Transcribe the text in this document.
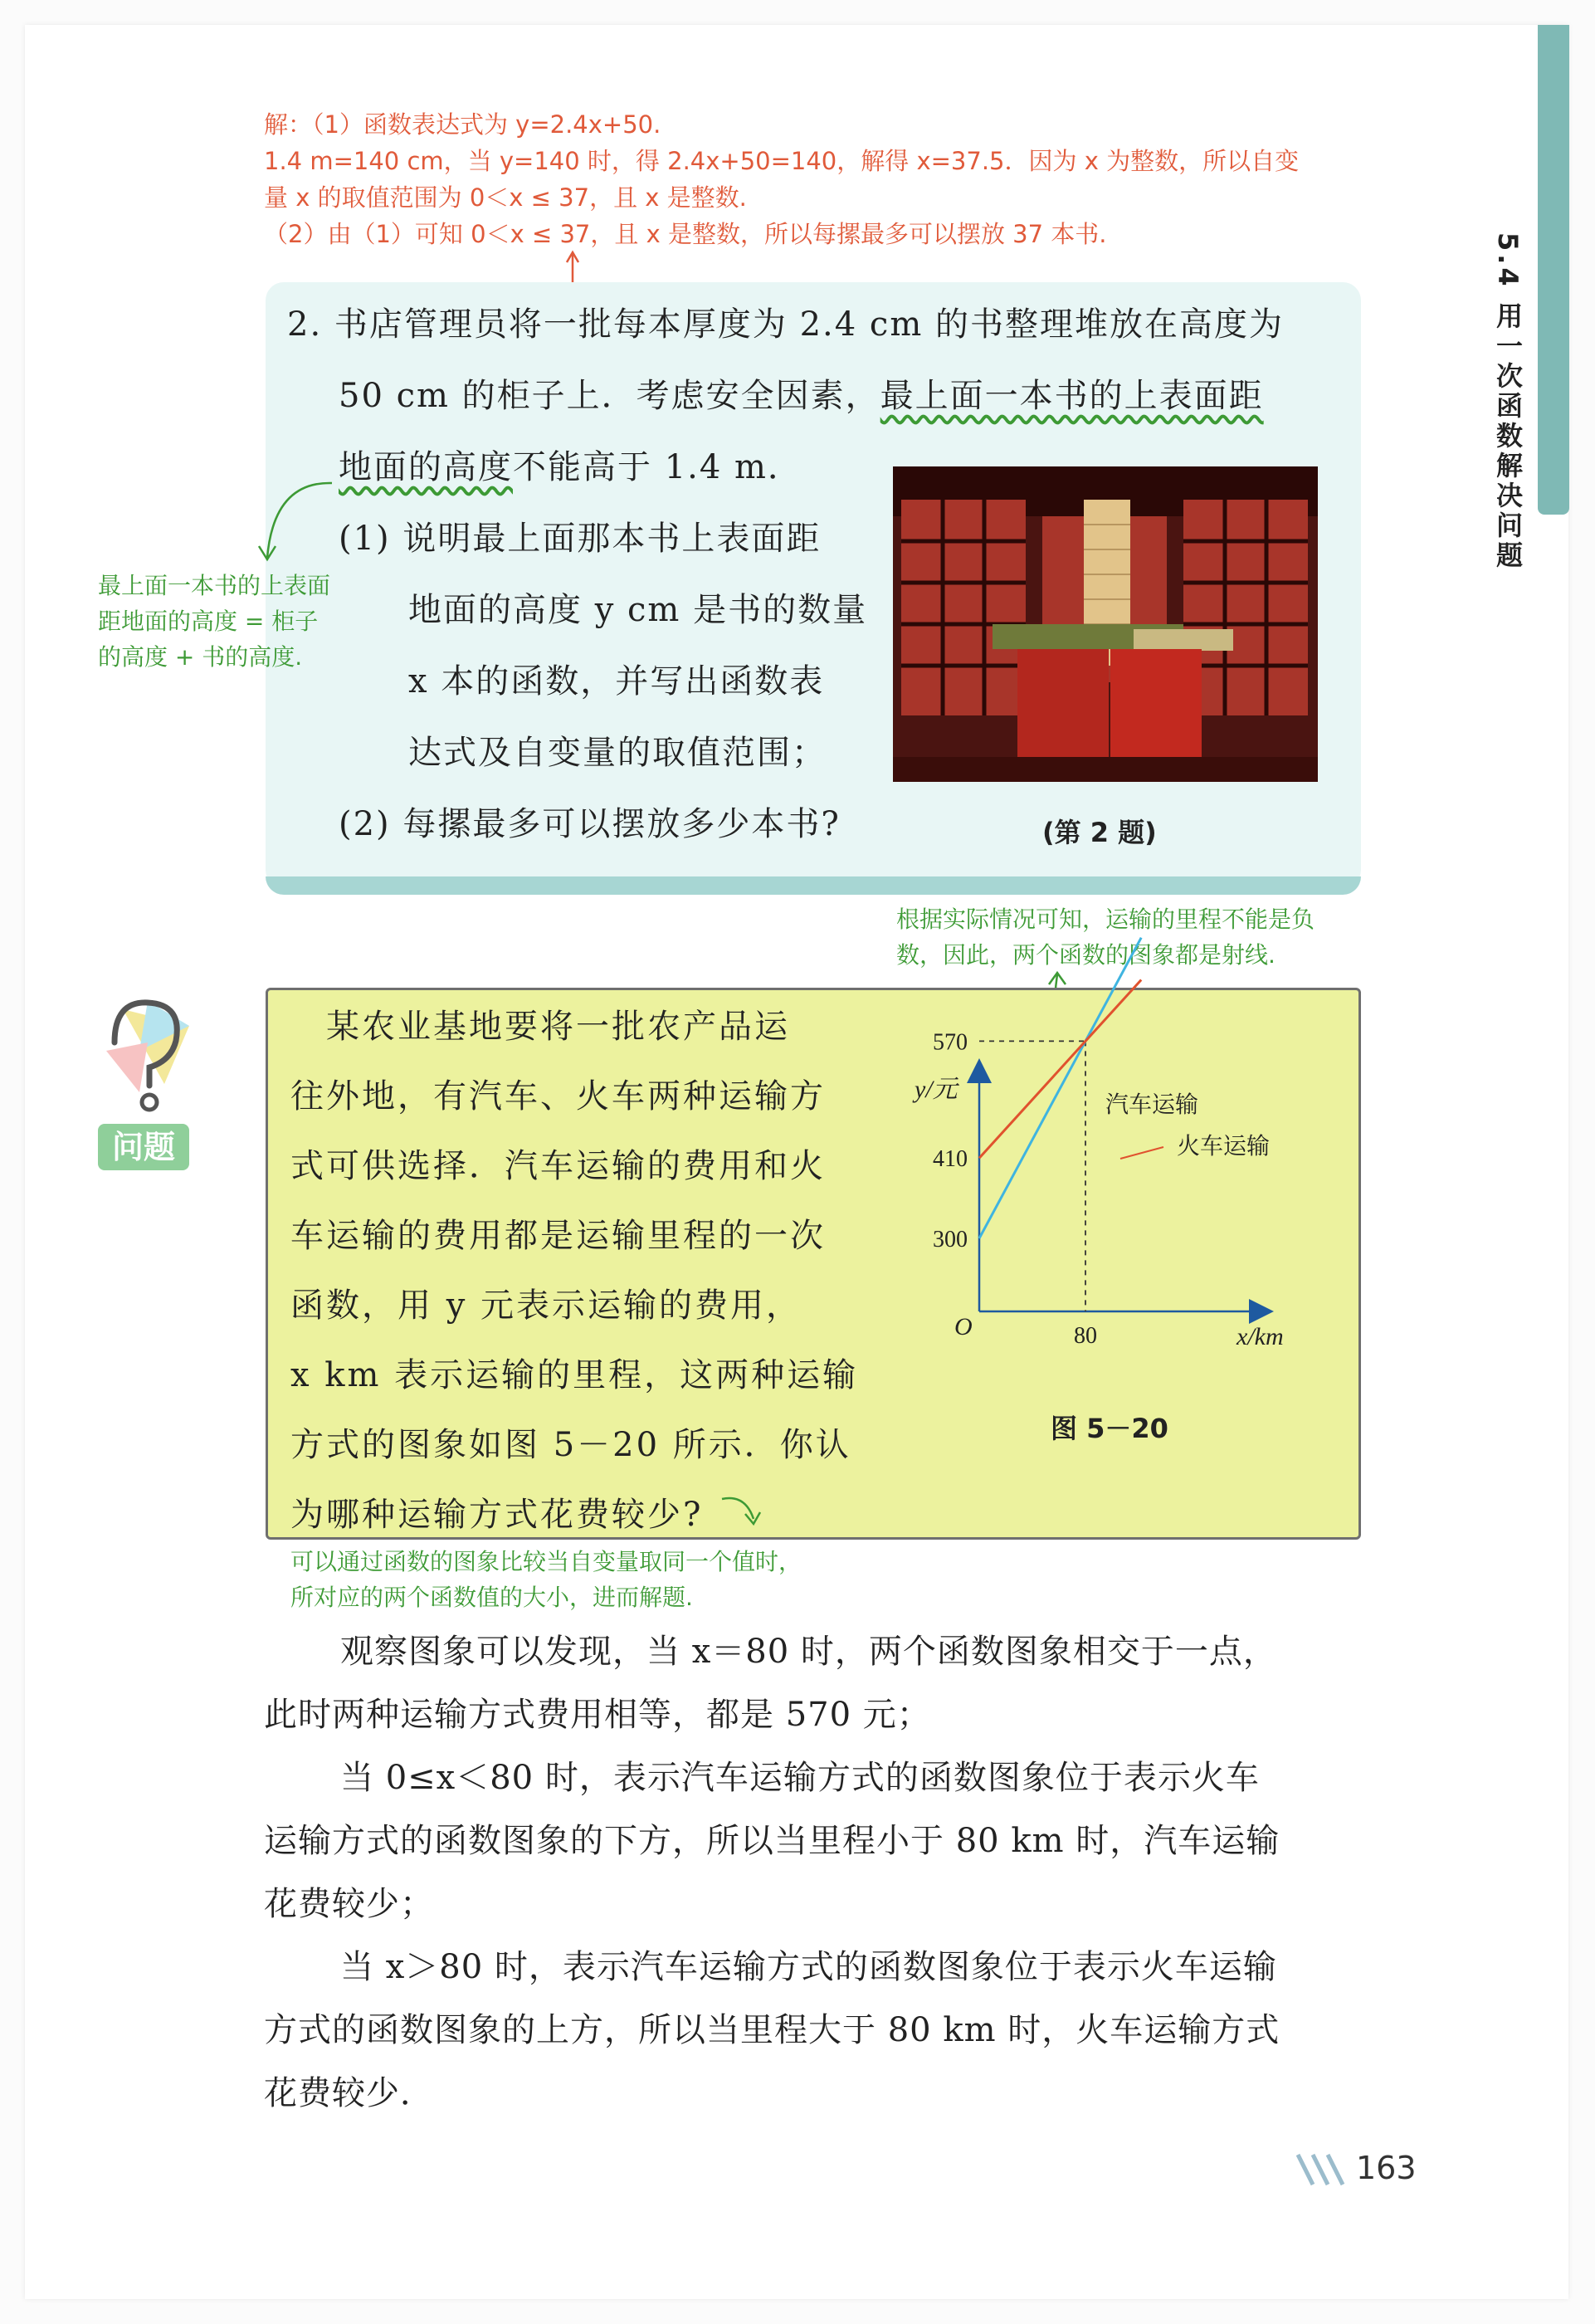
5.4 用一次函数解决问题
解：（1）函数表达式为 y=2.4x+50.
1.4 m=140 cm，当 y=140 时，得 2.4x+50=140，解得 x=37.5．因为 x 为整数，所以自变
量 x 的取值范围为 0＜x ≤ 37，且 x 是整数.
（2）由（1）可知 0＜x ≤ 37，且 x 是整数，所以每摞最多可以摆放 37 本书.
2. 书店管理员将一批每本厚度为 2.4 cm 的书整理堆放在高度为
50 cm 的柜子上．考虑安全因素，最上面一本书的上表面距
地面的高度不能高于 1.4 m．
(1) 说明最上面那本书上表面距
地面的高度 y cm 是书的数量
x 本的函数，并写出函数表
达式及自变量的取值范围；
(2) 每摞最多可以摆放多少本书?
最上面一本书的上表面
距地面的高度 = 柜子
的高度 + 书的高度.
(第 2 题)
根据实际情况可知，运输的里程不能是负
数，因此，两个函数的图象都是射线.
问题
　某农业基地要将一批农产品运
往外地，有汽车、火车两种运输方
式可供选择．汽车运输的费用和火
车运输的费用都是运输里程的一次
函数，用 y 元表示运输的费用，
x km 表示运输的里程，这两种运输
方式的图象如图 5－20 所示．你认
为哪种运输方式花费较少?
300
410
570
80
y/元
x/km
O
汽车运输
火车运输
图 5－20
可以通过函数的图象比较当自变量取同一个值时，
所对应的两个函数值的大小，进而解题.
观察图象可以发现，当 x＝80 时，两个函数图象相交于一点，
此时两种运输方式费用相等，都是 570 元；
当 0≤x＜80 时，表示汽车运输方式的函数图象位于表示火车
运输方式的函数图象的下方，所以当里程小于 80 km 时，汽车运输
花费较少；
当 x＞80 时，表示汽车运输方式的函数图象位于表示火车运输
方式的函数图象的上方，所以当里程大于 80 km 时，火车运输方式
花费较少．
163
